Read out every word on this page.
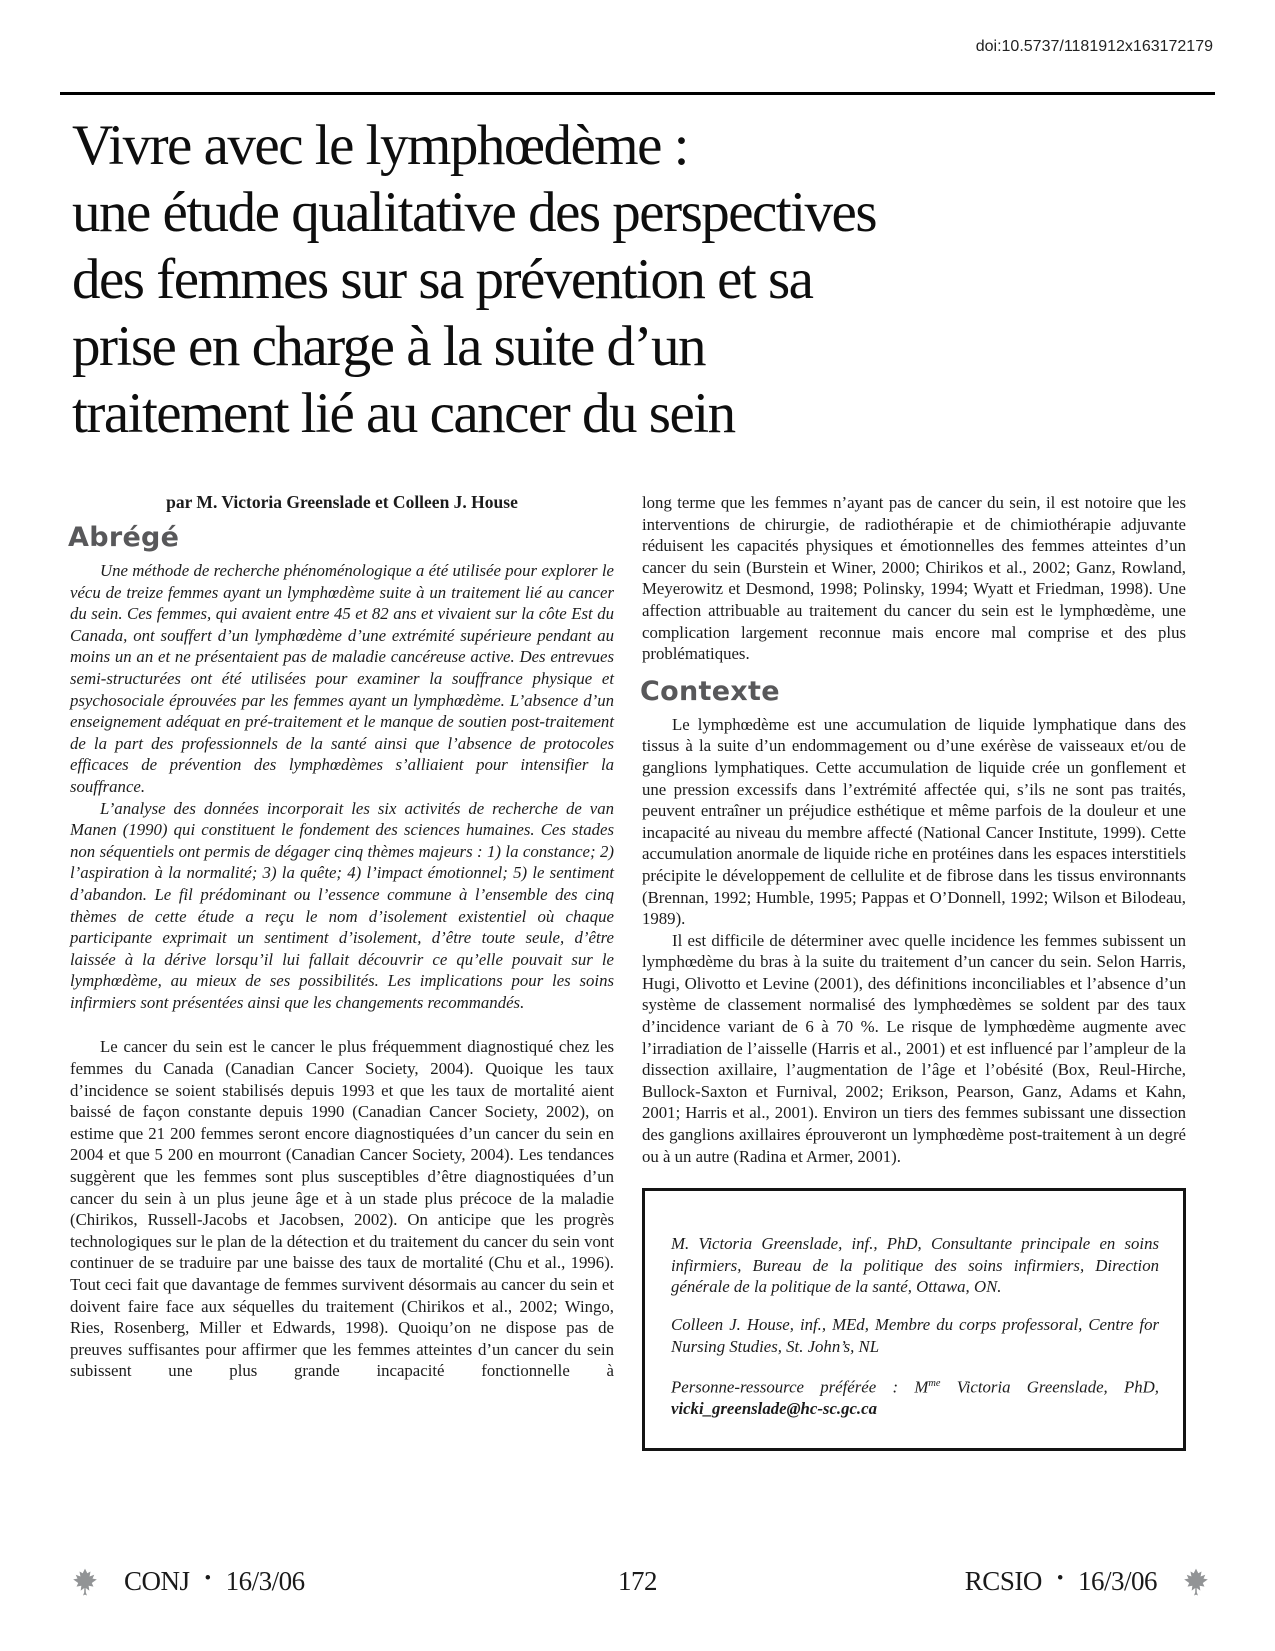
doi:10.5737/1181912x163172179
Vivre avec le lymphœdème :
une étude qualitative des perspectives
des femmes sur sa prévention et sa
prise en charge à la suite d’un
traitement lié au cancer du sein

par M. Victoria Greenslade et Colleen J. House

Abrégé

Une méthode de recherche phénoménologique a été utilisée pour explorer le vécu de treize femmes ayant un lymphœdème suite à un traitement lié au cancer du sein. Ces femmes, qui avaient entre 45 et 82 ans et vivaient sur la côte Est du Canada, ont souffert d’un lymphœdème d’une extrémité supérieure pendant au moins un an et ne présentaient pas de maladie cancéreuse active. Des entrevues semi-structurées ont été utilisées pour examiner la souffrance physique et psychosociale éprouvées par les femmes ayant un lymphœdème. L’absence d’un enseignement adéquat en pré-traitement et le manque de soutien post-traitement de la part des professionnels de la santé ainsi que l’absence de protocoles efficaces de prévention des lymphœdèmes s’alliaient pour intensifier la souffrance.

L’analyse des données incorporait les six activités de recherche de van Manen (1990) qui constituent le fondement des sciences humaines. Ces stades non séquentiels ont permis de dégager cinq thèmes majeurs : 1) la constance; 2) l’aspiration à la normalité; 3) la quête; 4) l’impact émotionnel; 5) le sentiment d’abandon. Le fil prédominant ou l’essence commune à l’ensemble des cinq thèmes de cette étude a reçu le nom d’isolement existentiel où chaque participante exprimait un sentiment d’isolement, d’être toute seule, d’être laissée à la dérive lorsqu’il lui fallait découvrir ce qu’elle pouvait sur le lymphœdème, au mieux de ses possibilités. Les implications pour les soins infirmiers sont présentées ainsi que les changements recommandés.

Le cancer du sein est le cancer le plus fréquemment diagnostiqué chez les femmes du Canada (Canadian Cancer Society, 2004). Quoique les taux d’incidence se soient stabilisés depuis 1993 et que les taux de mortalité aient baissé de façon constante depuis 1990 (Canadian Cancer Society, 2002), on estime que 21 200 femmes seront encore diagnostiquées d’un cancer du sein en 2004 et que 5 200 en mourront (Canadian Cancer Society, 2004). Les tendances suggèrent que les femmes sont plus susceptibles d’être diagnostiquées d’un cancer du sein à un plus jeune âge et à un stade plus précoce de la maladie (Chirikos, Russell-Jacobs et Jacobsen, 2002). On anticipe que les progrès technologiques sur le plan de la détection et du traitement du cancer du sein vont continuer de se traduire par une baisse des taux de mortalité (Chu et al., 1996). Tout ceci fait que davantage de femmes survivent désormais au cancer du sein et doivent faire face aux séquelles du traitement (Chirikos et al., 2002; Wingo, Ries, Rosenberg, Miller et Edwards, 1998). Quoiqu’on ne dispose pas de preuves suffisantes pour affirmer que les femmes atteintes d’un cancer du sein subissent une plus grande incapacité fonctionnelle à

long terme que les femmes n’ayant pas de cancer du sein, il est notoire que les interventions de chirurgie, de radiothérapie et de chimiothérapie adjuvante réduisent les capacités physiques et émotionnelles des femmes atteintes d’un cancer du sein (Burstein et Winer, 2000; Chirikos et al., 2002; Ganz, Rowland, Meyerowitz et Desmond, 1998; Polinsky, 1994; Wyatt et Friedman, 1998). Une affection attribuable au traitement du cancer du sein est le lymphœdème, une complication largement reconnue mais encore mal comprise et des plus problématiques.

Contexte

Le lymphœdème est une accumulation de liquide lymphatique dans des tissus à la suite d’un endommagement ou d’une exérèse de vaisseaux et/ou de ganglions lymphatiques. Cette accumulation de liquide crée un gonflement et une pression excessifs dans l’extrémité affectée qui, s’ils ne sont pas traités, peuvent entraîner un préjudice esthétique et même parfois de la douleur et une incapacité au niveau du membre affecté (National Cancer Institute, 1999). Cette accumulation anormale de liquide riche en protéines dans les espaces interstitiels précipite le développement de cellulite et de fibrose dans les tissus environnants (Brennan, 1992; Humble, 1995; Pappas et O’Donnell, 1992; Wilson et Bilodeau, 1989).

Il est difficile de déterminer avec quelle incidence les femmes subissent un lymphœdème du bras à la suite du traitement d’un cancer du sein. Selon Harris, Hugi, Olivotto et Levine (2001), des définitions inconciliables et l’absence d’un système de classement normalisé des lymphœdèmes se soldent par des taux d’incidence variant de 6 à 70 %. Le risque de lymphœdème augmente avec l’irradiation de l’aisselle (Harris et al., 2001) et est influencé par l’ampleur de la dissection axillaire, l’augmentation de l’âge et l’obésité (Box, Reul-Hirche, Bullock-Saxton et Furnival, 2002; Erikson, Pearson, Ganz, Adams et Kahn, 2001; Harris et al., 2001). Environ un tiers des femmes subissant une dissection des ganglions axillaires éprouveront un lymphœdème post-traitement à un degré ou à un autre (Radina et Armer, 2001).

M. Victoria Greenslade, inf., PhD, Consultante principale en soins infirmiers, Bureau de la politique des soins infirmiers, Direction générale de la politique de la santé, Ottawa, ON.

Colleen J. House, inf., MEd, Membre du corps professoral, Centre for Nursing Studies, St. John’s, NL

Personne-ressource préférée : $M^{me}$ Victoria Greenslade, PhD, vicki_greenslade@hc-sc.gc.ca

172
CONJ • 16/3/06	RCSIO • 16/3/06
